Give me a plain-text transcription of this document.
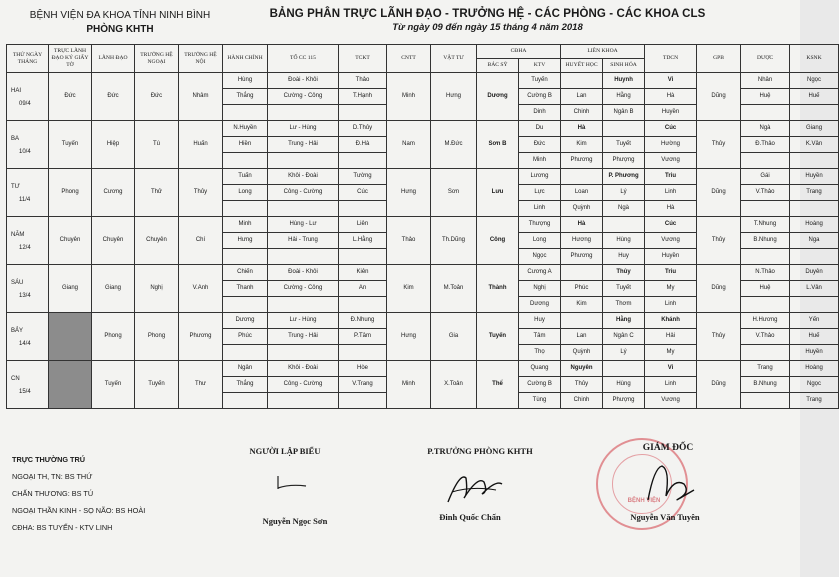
BỆNH VIỆN ĐA KHOA TỈNH NINH BÌNH
PHÒNG KHTH
BẢNG PHÂN TRỰC LÃNH ĐẠO - TRƯỞNG HỆ - CÁC PHÒNG - CÁC KHOA CLS
Từ ngày 09 đến ngày 15 tháng 4 năm 2018
THỨ NGÀY THÁNG	TRỰC LÃNH ĐẠO KÝ GIẤY TỜ	LÃNH ĐẠO	TRƯỞNG HỆ NGOẠI	TRƯỞNG HỆ NỘI	HÀNH CHÍNH	TỔ CC 115	TCKT	CNTT	VẬT TƯ	CĐHA		LIÊN KHOA		TDCN	GPB	DƯỢC	KSNK
										BÁC SỸ	KTV	HUYẾT HỌC	SINH HÓA				

HAI
09/4	Đức	Đức	Đức	Nhâm	Hùng	Đoài - Khôi	Thảo	Minh	Hưng	Dương	Tuyến		Huynh	Vi	Dũng	Nhân	Ngọc
					Thắng	Cường - Công	T.Hạnh				Cường B	Lan	Hằng	Hà		Huệ	Huế
											Dinh	Chinh	Ngân B	Huyền			

BA
10/4	Tuyến	Hiệp	Tú	Huấn	N.Huyền	Lư - Hùng	D.Thủy	Nam	M.Đức	Sơn B	Du	Hà		Cúc	Thủy	Ngà	Giang
					Hiền	Trung - Hải	Đ.Hà				Đức	Kim	Tuyết	Hường		Đ.Thảo	K.Vân
											Minh	Phương	Phượng	Vương			

TƯ
11/4	Phong	Cương	Thử	Thủy	Tuấn	Khôi - Đoài	Tường	Hưng	Sơn	Lưu	Lương		P. Phương	Triu	Dũng	Gái	Huyền
					Long	Công - Cường	Cúc				Lực	Loan	Lý	Linh		V.Thảo	Trang
											Linh	Quỳnh	Ngà	Hà			

NĂM
12/4	Chuyên	Chuyên	Chuyên	Chí	Minh	Hùng - Lư	Liên	Thảo	Th.Dũng	Công	Thượng	Hà		Cúc	Thủy	T.Nhung	Hoàng
					Hưng	Hải - Trung	L.Hằng				Long	Hương	Hùng	Vương		B.Nhung	Nga
											Ngọc	Phương	Huy	Huyền			

SÁU
13/4	Giang	Giang	Nghị	V.Anh	Chiến	Đoài - Khôi	Kiên	Kim	M.Toản	Thành	Cương A		Thủy	Triu	Dũng	N.Thảo	Duyên
					Thanh	Cường - Công	An				Nghị	Phúc	Tuyết	My		Huệ	L.Vân
											Dương	Kim	Thơm	Linh			

BẢY
14/4		Phong	Phong	Phương	Dương	Lư - Hùng	Đ.Nhung	Hưng	Gia	Tuyến	Huy		Hằng	Khánh	Thủy	H.Hương	Yến
					Phúc	Trung - Hải	P.Tâm				Tâm	Lan	Ngân C	Hải		V.Thảo	Huế
											Thọ	Quỳnh	Lý	My			Huyền

CN
15/4		Tuyến	Tuyến	Thư	Ngân	Khôi - Đoài	Hòe	Minh	X.Toản	Thể	Quang	Nguyên		Vi	Dũng	Trang	Hoàng
					Thắng	Công - Cường	V.Trang				Cường B	Thủy	Hùng	Linh		B.Nhung	Ngọc
											Tùng	Chinh	Phượng	Vương			Trang
TRỰC THƯỜNG TRÚ
NGOẠI TH, TN: BS THỨ
CHẤN THƯƠNG: BS TÚ
NGOẠI THẦN KINH - SỌ NÃO: BS HOÀI
CĐHA: BS TUYẾN - KTV LINH
NGƯỜI LẬP BIỂU
Nguyễn Ngọc Sơn
P.TRƯỞNG PHÒNG KHTH
Đinh Quốc Chấn
BỆNH VIỆN
GIÁM ĐỐC
Nguyễn Văn Tuyên
